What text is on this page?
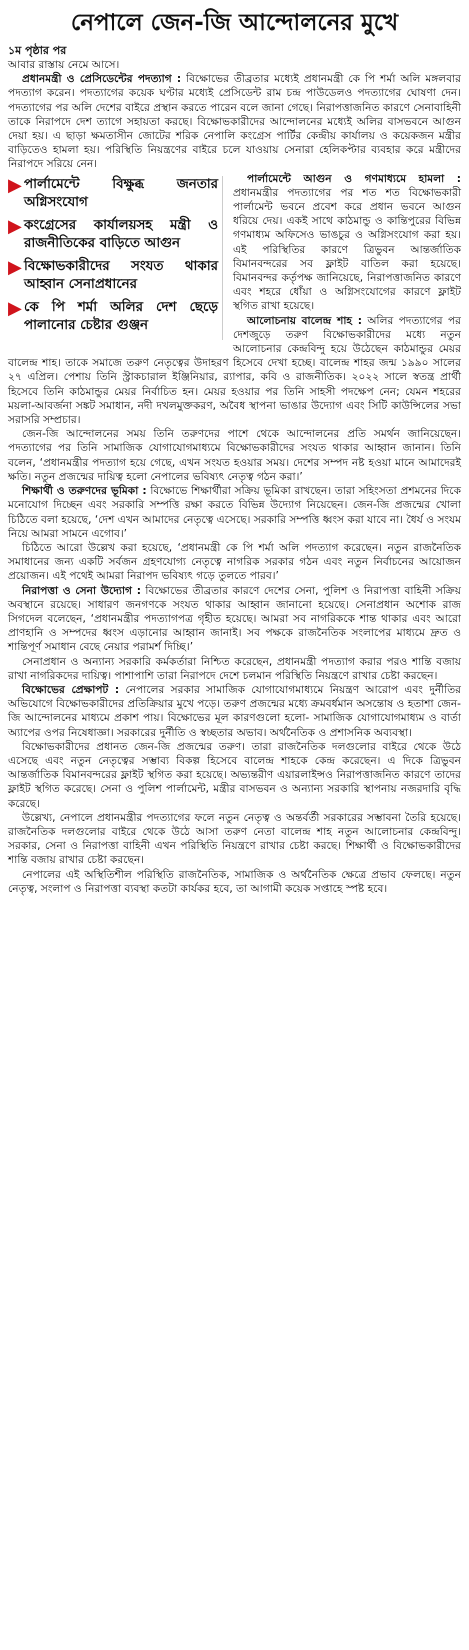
নেপালে জেন-জি আন্দোলনের মুখে
১ম পৃষ্ঠার পর

আবার রাস্তায় নেমে আসে।

প্রধানমন্ত্রী ও প্রেসিডেন্টের পদত্যাগ : বিক্ষোভের তীব্রতার মধ্যেই প্রধানমন্ত্রী কে পি শর্মা অলি মঙ্গলবার পদত্যাগ করেন। পদত্যাগের কয়েক ঘণ্টার মধ্যেই প্রেসিডেন্ট রাম চন্দ্র পাউডেলও পদত্যাগের ঘোষণা দেন। পদত্যাগের পর অলি দেশের বাইরে প্রস্থান করতে পারেন বলে জানা গেছে। নিরাপত্তাজনিত কারণে সেনাবাহিনী তাকে নিরাপদে দেশ ত্যাগে সহায়তা করছে। বিক্ষোভকারীদের আন্দোলনের মধ্যেই অলির বাসভবনে আগুন দেয়া হয়। এ ছাড়া ক্ষমতাসীন জোটের শরিক নেপালি কংগ্রেস পার্টির কেন্দ্রীয় কার্যালয় ও কয়েকজন মন্ত্রীর বাড়িতেও হামলা হয়। পরিস্থিতি নিয়ন্ত্রণের বাইরে চলে যাওয়ায় সেনারা হেলিকপ্টার ব্যবহার করে মন্ত্রীদের নিরাপদে সরিয়ে নেন।

▶ পার্লামেন্টে বিক্ষুব্ধ জনতার অগ্নিসংযোগ
▶ কংগ্রেসের কার্যালয়সহ মন্ত্রী ও রাজনীতিকের বাড়িতে আগুন
▶ বিক্ষোভকারীদের সংযত থাকার আহ্বান সেনাপ্রধানের
▶ কে পি শর্মা অলির দেশ ছেড়ে পালানোর চেষ্টার গুঞ্জন

পার্লামেন্টে আগুন ও গণমাধ্যমে হামলা : প্রধানমন্ত্রীর পদত্যাগের পর শত শত বিক্ষোভকারী পার্লামেন্ট ভবনে প্রবেশ করে প্রধান ভবনে আগুন ধরিয়ে দেয়। একই সাথে কাঠমান্ডু ও কান্তিপুরের বিভিন্ন গণমাধ্যম অফিসেও ভাঙচুর ও অগ্নিসংযোগ করা হয়। এই পরিস্থিতির কারণে ত্রিভুবন আন্তর্জাতিক বিমানবন্দরের সব ফ্লাইট বাতিল করা হয়েছে। বিমানবন্দর কর্তৃপক্ষ জানিয়েছে, নিরাপত্তাজনিত কারণে এবং শহরে ধোঁয়া ও অগ্নিসংযোগের কারণে ফ্লাইট স্থগিত রাখা হয়েছে।

আলোচনায় বালেন্দ্র শাহ : অলির পদত্যাগের পর দেশজুড়ে তরুণ বিক্ষোভকারীদের মধ্যে নতুন আলোচনার কেন্দ্রবিন্দু হয়ে উঠেছেন কাঠমান্ডুর মেয়র বালেন্দ্র শাহ। তাকে সমাজে তরুণ নেতৃত্বের উদাহরণ হিসেবে দেখা হচ্ছে। বালেন্দ্র শাহর জন্ম ১৯৯০ সালের ২৭ এপ্রিল। পেশায় তিনি স্ট্রাকচারাল ইঞ্জিনিয়ার, র‍্যাপার, কবি ও রাজনীতিক। ২০২২ সালে স্বতন্ত্র প্রার্থী হিসেবে তিনি কাঠমান্ডুর মেয়র নির্বাচিত হন। মেয়র হওয়ার পর তিনি সাহসী পদক্ষেপ নেন; যেমন শহরের ময়লা-আবর্জনা সঙ্কট সমাধান, নদী দখলমুক্তকরণ, অবৈধ স্থাপনা ভাঙার উদ্যোগ এবং সিটি কাউন্সিলের সভা সরাসরি সম্প্রচার।

জেন-জি আন্দোলনের সময় তিনি তরুণদের পাশে থেকে আন্দোলনের প্রতি সমর্থন জানিয়েছেন। পদত্যাগের পর তিনি সামাজিক যোগাযোগমাধ্যমে বিক্ষোভকারীদের সংযত থাকার আহ্বান জানান। তিনি বলেন, ‘প্রধানমন্ত্রীর পদত্যাগ হয়ে গেছে, এখন সংযত হওয়ার সময়। দেশের সম্পদ নষ্ট হওয়া মানে আমাদেরই ক্ষতি। নতুন প্রজন্মের দায়িত্ব হলো নেপালের ভবিষ্যৎ নেতৃত্ব গঠন করা।’

শিক্ষার্থী ও তরুণদের ভূমিকা : বিক্ষোভে শিক্ষার্থীরা সক্রিয় ভূমিকা রাখছেন। তারা সহিংসতা প্রশমনের দিকে মনোযোগ দিচ্ছেন এবং সরকারি সম্পত্তি রক্ষা করতে বিভিন্ন উদ্যোগ নিয়েছেন। জেন-জি প্রজন্মের খোলা চিঠিতে বলা হয়েছে, ‘দেশ এখন আমাদের নেতৃত্বে এসেছে। সরকারি সম্পত্তি ধ্বংস করা যাবে না। ধৈর্য ও সংযম নিয়ে আমরা সামনে এগোব।’

চিঠিতে আরো উল্লেখ করা হয়েছে, ‘প্রধানমন্ত্রী কে পি শর্মা অলি পদত্যাগ করেছেন। নতুন রাজনৈতিক সমাধানের জন্য একটি সর্বজন গ্রহণযোগ্য নেতৃত্বে নাগরিক সরকার গঠন এবং নতুন নির্বাচনের আয়োজন প্রয়োজন। এই পথেই আমরা নিরাপদ ভবিষ্যৎ গড়ে তুলতে পারব।’

নিরাপত্তা ও সেনা উদ্যোগ : বিক্ষোভের তীব্রতার কারণে দেশের সেনা, পুলিশ ও নিরাপত্তা বাহিনী সক্রিয় অবস্থানে রয়েছে। সাধারণ জনগণকে সংযত থাকার আহ্বান জানানো হয়েছে। সেনাপ্রধান অশোক রাজ সিগদেল বলেছেন, ‘প্রধানমন্ত্রীর পদত্যাগপত্র গৃহীত হয়েছে। আমরা সব নাগরিককে শান্ত থাকার এবং আরো প্রাণহানি ও সম্পদের ধ্বংস এড়ানোর আহ্বান জানাই। সব পক্ষকে রাজনৈতিক সংলাপের মাধ্যমে দ্রুত ও শান্তিপূর্ণ সমাধান বেছে নেয়ার পরামর্শ দিচ্ছি।’

সেনাপ্রধান ও অন্যান্য সরকারি কর্মকর্তারা নিশ্চিত করেছেন, প্রধানমন্ত্রী পদত্যাগ করার পরও শান্তি বজায় রাখা নাগরিকদের দায়িত্ব। পাশাপাশি তারা নিরাপদে দেশে চলমান পরিস্থিতি নিয়ন্ত্রণে রাখার চেষ্টা করছেন।

বিক্ষোভের প্রেক্ষাপট : নেপালের সরকার সামাজিক যোগাযোগমাধ্যমে নিয়ন্ত্রণ আরোপ এবং দুর্নীতির অভিযোগে বিক্ষোভকারীদের প্রতিক্রিয়ার মুখে পড়ে। তরুণ প্রজন্মের মধ্যে ক্রমবর্ধমান অসন্তোষ ও হতাশা জেন-জি আন্দোলনের মাধ্যমে প্রকাশ পায়। বিক্ষোভের মূল কারণগুলো হলো- সামাজিক যোগাযোগমাধ্যম ও বার্তা অ্যাপের ওপর নিষেধাজ্ঞা। সরকারের দুর্নীতি ও স্বচ্ছতার অভাব। অর্থনৈতিক ও প্রশাসনিক অব্যবস্থা।

বিক্ষোভকারীদের প্রধানত জেন-জি প্রজন্মের তরুণ। তারা রাজনৈতিক দলগুলোর বাইরে থেকে উঠে এসেছে এবং নতুন নেতৃত্বের সম্ভাব্য বিকল্প হিসেবে বালেন্দ্র শাহকে কেন্দ্র করেছেন। এ দিকে ত্রিভুবন আন্তর্জাতিক বিমানবন্দরের ফ্লাইট স্থগিত করা হয়েছে। অভ্যন্তরীণ এয়ারলাইন্সও নিরাপত্তাজনিত কারণে তাদের ফ্লাইট স্থগিত করেছে। সেনা ও পুলিশ পার্লামেন্ট, মন্ত্রীর বাসভবন ও অন্যান্য সরকারি স্থাপনায় নজরদারি বৃদ্ধি করেছে।

উল্লেখ্য, নেপালে প্রধানমন্ত্রীর পদত্যাগের ফলে নতুন নেতৃত্ব ও অন্তর্বর্তী সরকারের সম্ভাবনা তৈরি হয়েছে। রাজনৈতিক দলগুলোর বাইরে থেকে উঠে আসা তরুণ নেতা বালেন্দ্র শাহ নতুন আলোচনার কেন্দ্রবিন্দু। সরকার, সেনা ও নিরাপত্তা বাহিনী এখন পরিস্থিতি নিয়ন্ত্রণে রাখার চেষ্টা করছে। শিক্ষার্থী ও বিক্ষোভকারীদের শান্তি বজায় রাখার চেষ্টা করছেন।

নেপালের এই অস্থিতিশীল পরিস্থিতি রাজনৈতিক, সামাজিক ও অর্থনৈতিক ক্ষেত্রে প্রভাব ফেলছে। নতুন নেতৃত্ব, সংলাপ ও নিরাপত্তা ব্যবস্থা কতটা কার্যকর হবে, তা আগামী কয়েক সপ্তাহে স্পষ্ট হবে।
